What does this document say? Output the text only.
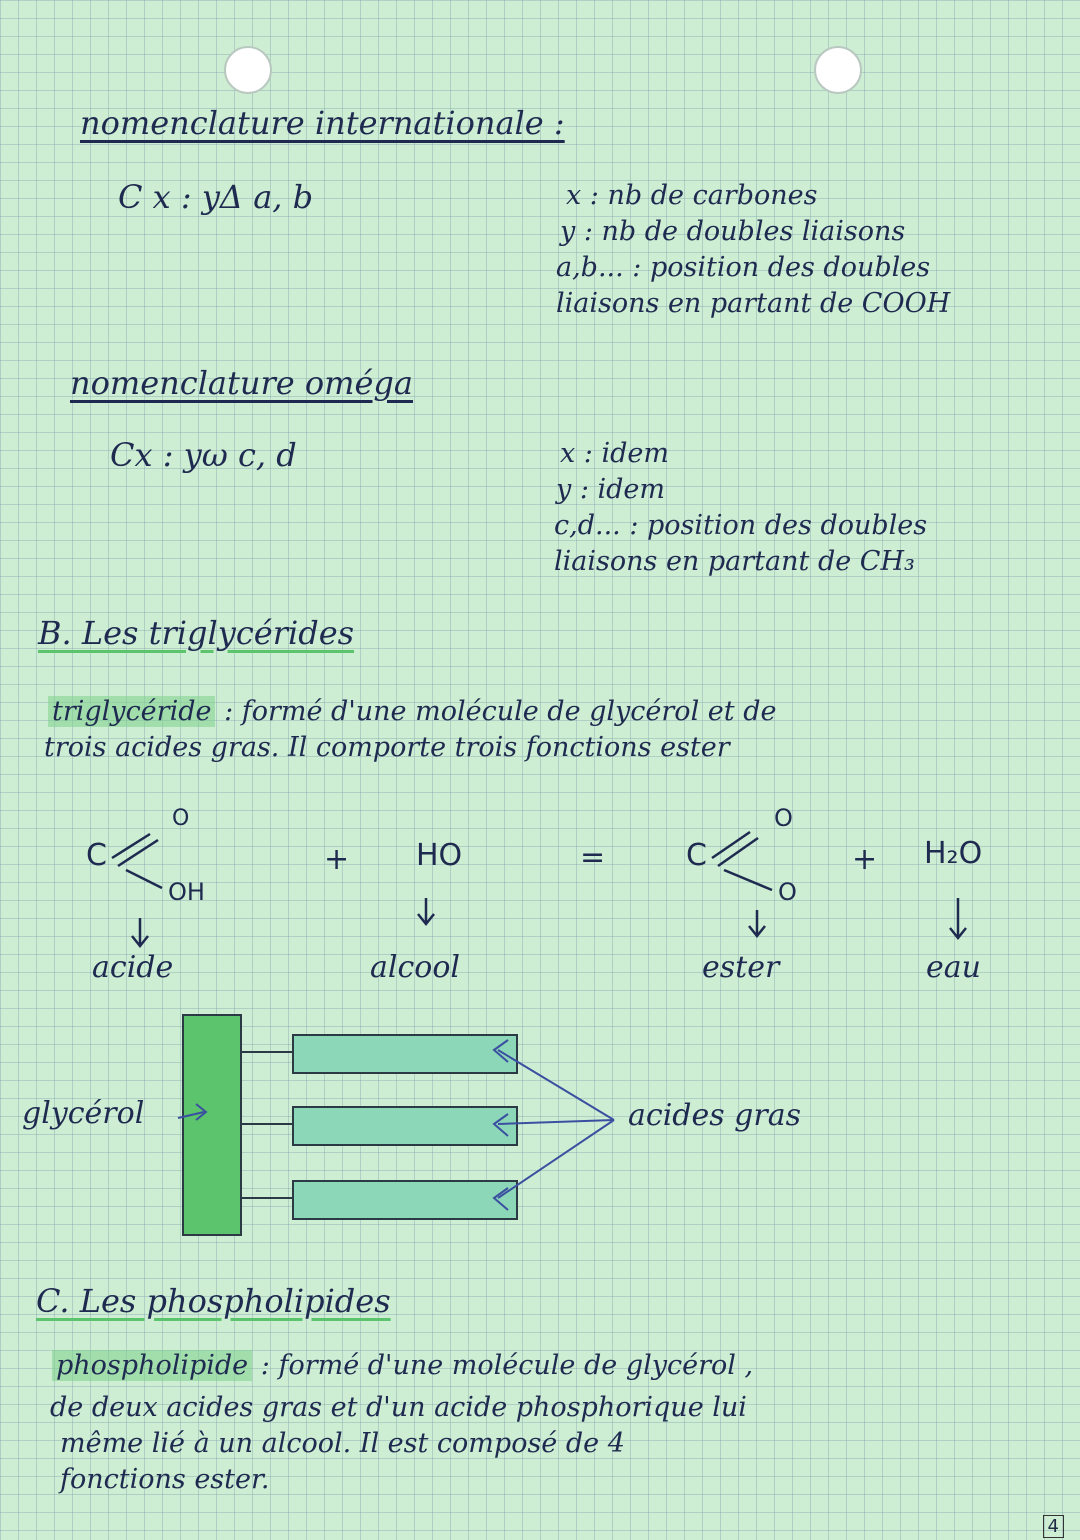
nomenclature internationale :
C x : yΔ a, b	x : nb de carbones
y : nb de doubles liaisons
a,b... : position des doubles
liaisons en partant de COOH
nomenclature oméga
Cx : yω c, d	x : idem
y : idem
c,d... : position des doubles
liaisons en partant de CH₃
B. Les triglycérides
triglycéride : formé d'une molécule de glycérol et de
trois acides gras. Il comporte trois fonctions ester
C
O
OH
acide
+ HO
alcool
=	C
O
O
ester
+ H₂O
eau
glycérol	acides gras
C. Les phospholipides
phospholipide : formé d'une molécule de glycérol ,
de deux acides gras et d'un acide phosphorique lui
même lié à un alcool. Il est composé de 4
fonctions ester.
4
